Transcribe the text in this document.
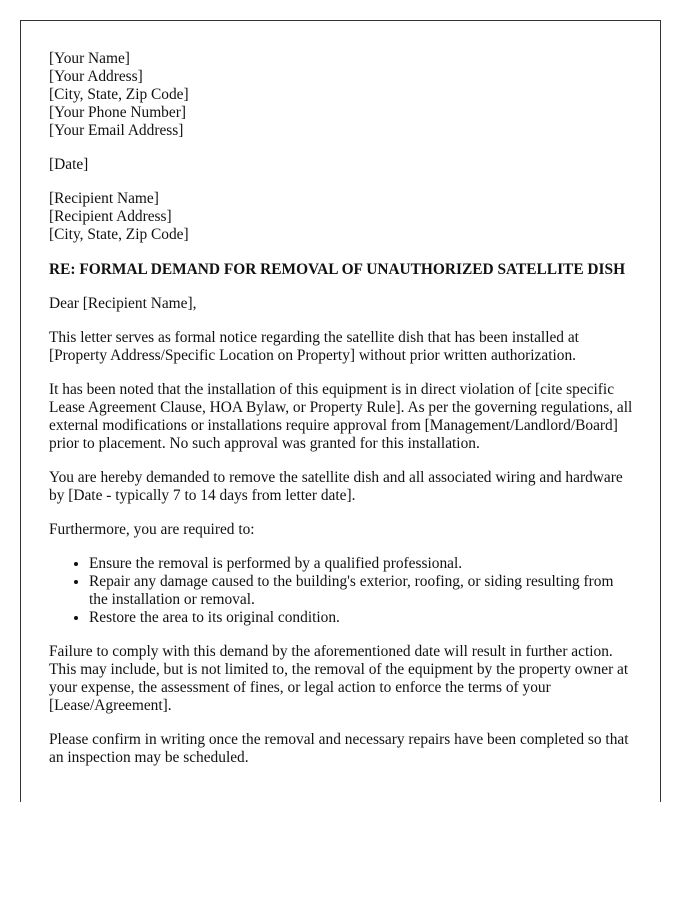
[Your Name]
[Your Address]
[City, State, Zip Code]
[Your Phone Number]
[Your Email Address]
[Date]
[Recipient Name]
[Recipient Address]
[City, State, Zip Code]
RE: FORMAL DEMAND FOR REMOVAL OF UNAUTHORIZED SATELLITE DISH

Dear [Recipient Name],

This letter serves as formal notice regarding the satellite dish that has been installed at [Property Address/Specific Location on Property] without prior written authorization.

It has been noted that the installation of this equipment is in direct violation of [cite specific Lease Agreement Clause, HOA Bylaw, or Property Rule]. As per the governing regulations, all external modifications or installations require approval from [Management/Landlord/Board] prior to placement. No such approval was granted for this installation.

You are hereby demanded to remove the satellite dish and all associated wiring and hardware by [Date - typically 7 to 14 days from letter date].

Furthermore, you are required to:

• Ensure the removal is performed by a qualified professional.
• Repair any damage caused to the building's exterior, roofing, or siding resulting from the installation or removal.
• Restore the area to its original condition.

Failure to comply with this demand by the aforementioned date will result in further action. This may include, but is not limited to, the removal of the equipment by the property owner at your expense, the assessment of fines, or legal action to enforce the terms of your [Lease/Agreement].

Please confirm in writing once the removal and necessary repairs have been completed so that an inspection may be scheduled.
